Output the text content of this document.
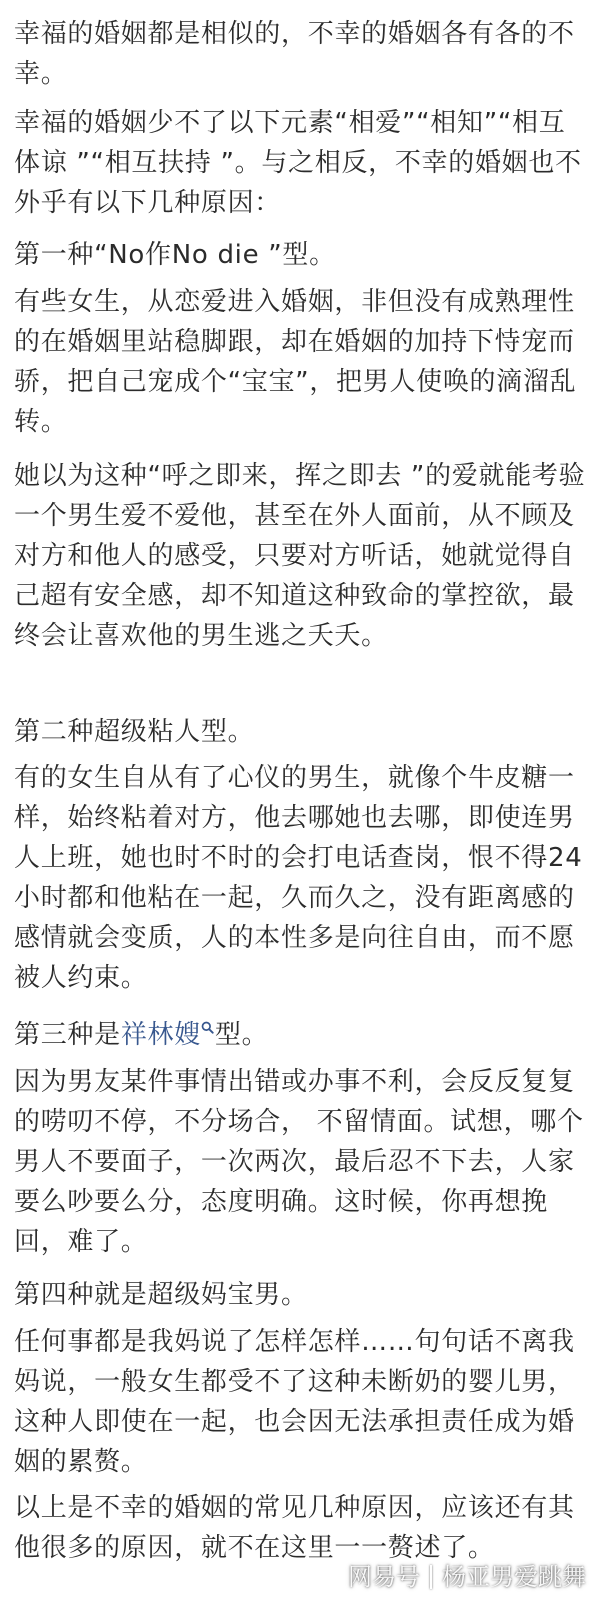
幸福的婚姻都是相似的，不幸的婚姻各有各的不幸。

幸福的婚姻少不了以下元素“相爱”“相知”“相互体谅 ”“相互扶持 ”。与之相反，不幸的婚姻也不外乎有以下几种原因：

第一种“No作No die ”型。

有些女生，从恋爱进入婚姻，非但没有成熟理性的在婚姻里站稳脚跟，却在婚姻的加持下恃宠而骄，把自己宠成个“宝宝”，把男人使唤的滴溜乱转。

她以为这种“呼之即来，挥之即去 ”的爱就能考验一个男生爱不爱他，甚至在外人面前，从不顾及对方和他人的感受，只要对方听话，她就觉得自己超有安全感，却不知道这种致命的掌控欲，最终会让喜欢他的男生逃之夭夭。

第二种超级粘人型。

有的女生自从有了心仪的男生，就像个牛皮糖一样，始终粘着对方，他去哪她也去哪，即使连男人上班，她也时不时的会打电话查岗，恨不得24小时都和他粘在一起，久而久之，没有距离感的感情就会变质，人的本性多是向往自由，而不愿被人约束。

第三种是祥林嫂 型。

因为男友某件事情出错或办事不利，会反反复复的唠叨不停，不分场合， 不留情面。试想，哪个男人不要面子，一次两次，最后忍不下去，人家要么吵要么分，态度明确。这时候，你再想挽回，难了。

第四种就是超级妈宝男。

任何事都是我妈说了怎样怎样……句句话不离我妈说，一般女生都受不了这种未断奶的婴儿男，这种人即使在一起，也会因无法承担责任成为婚姻的累赘。

以上是不幸的婚姻的常见几种原因，应该还有其他很多的原因，就不在这里一一赘述了。

网易号 杨亚男爱跳舞
